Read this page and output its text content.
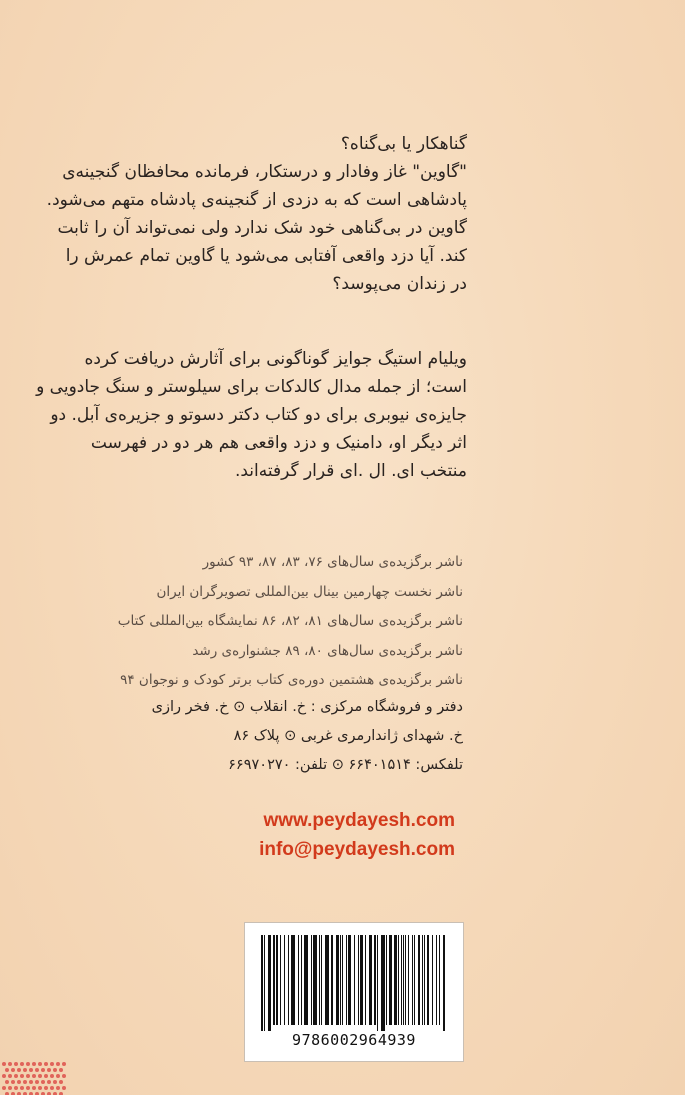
گناهکار یا بی‌گناه؟
"گاوین" غاز وفادار و درستکار، فرمانده محافظان گنجینه‌ی
پادشاهی است که به دزدی از گنجینه‌ی پادشاه متهم می‌شود.
گاوین در بی‌گناهی خود شک ندارد ولی نمی‌تواند آن را ثابت
کند. آیا دزد واقعی آفتابی می‌شود یا گاوین تمام عمرش را
در زندان می‌پوسد؟
ویلیام استیگ جوایز گوناگونی برای آثارش دریافت کرده
است؛ از جمله مدال کالدکات برای سیلوستر و سنگ جادویی و
جایزه‌ی نیوبری برای دو کتاب دکتر دسوتو و جزیره‌ی آبل. دو
اثر دیگر او، دامنیک و دزد واقعی هم هر دو در فهرست
منتخب ای. ال .ای قرار گرفته‌اند.
ناشر برگزیده‌ی سال‌های ۷۶، ۸۳، ۸۷، ۹۳ کشور
ناشر نخست چهارمین بینال بین‌المللی تصویرگران ایران
ناشر برگزیده‌ی سال‌های ۸۱، ۸۲، ۸۶ نمایشگاه بین‌المللی کتاب
ناشر برگزیده‌ی سال‌های ۸۰، ۸۹ جشنواره‌ی رشد
ناشر برگزیده‌ی هشتمین دوره‌ی کتاب برتر کودک و نوجوان ۹۴
دفتر و فروشگاه مرکزی : خ. انقلاب ⊙ خ. فخر رازی
خ. شهدای ژاندارمری غربی ⊙ پلاک ۸۶
تلفکس: ۶۶۴۰۱۵۱۴ ⊙ تلفن: ۶۶۹۷۰۲۷۰
www.peydayesh.com
info@peydayesh.com
9786002964939
